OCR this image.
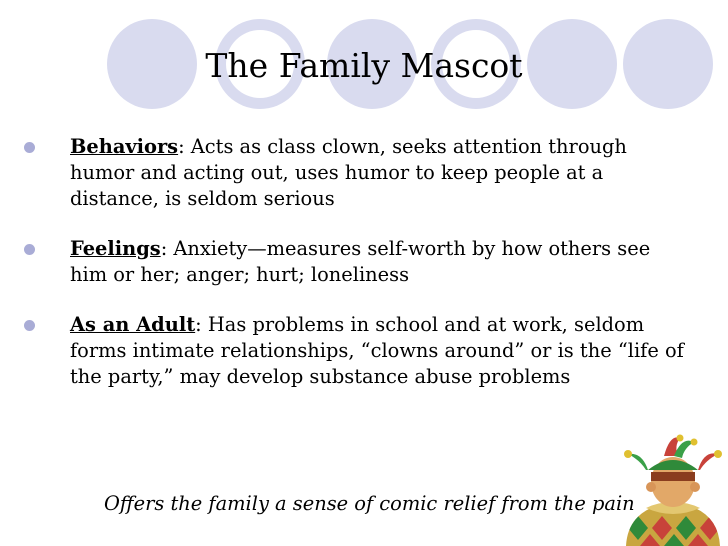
The Family Mascot
Behaviors: Acts as class clown, seeks attention through humor and acting out, uses humor to keep people at a distance, is seldom serious
Feelings: Anxiety—measures self-worth by how others see him or her; anger; hurt; loneliness
As an Adult: Has problems in school and at work, seldom forms intimate relationships, “clowns around” or is the “life of the party,” may develop substance abuse problems

Offers the family a sense of comic relief from the pain
